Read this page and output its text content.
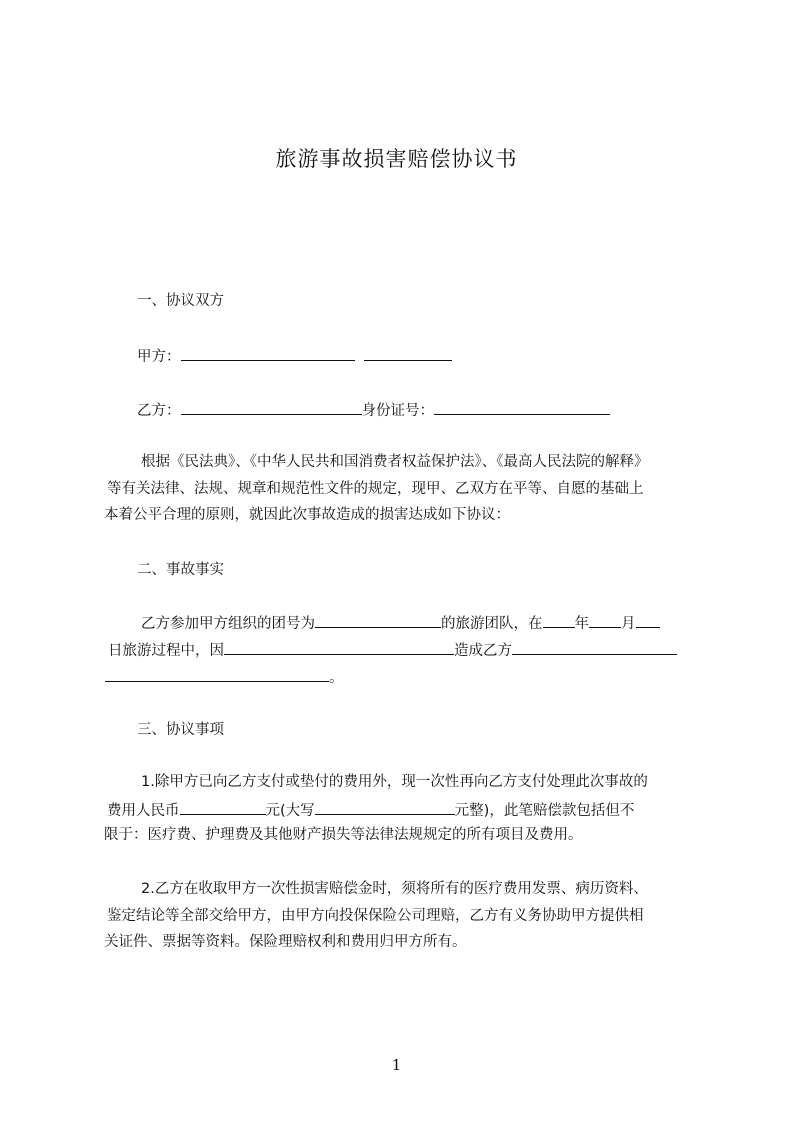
旅游事故损害赔偿协议书
一、协议双方
甲方：
乙方：	身份证号：
根据《民法典》、《中华人民共和国消费者权益保护法》、《最高人民法院的解释》
等有关法律、法规、规章和规范性文件的规定，现甲、乙双方在平等、自愿的基础上
本着公平合理的原则，就因此次事故造成的损害达成如下协议：
二、事故事实
乙方参加甲方组织的团号为	的旅游团队，在 年 月
日旅游过程中，因	造成乙方
。
三、协议事项
1.除甲方已向乙方支付或垫付的费用外，现一次性再向乙方支付处理此次事故的
费用人民币	元(大写	元整)，此笔赔偿款包括但不
限于：医疗费、护理费及其他财产损失等法律法规规定的所有项目及费用。
2.乙方在收取甲方一次性损害赔偿金时，须将所有的医疗费用发票、病历资料、
鉴定结论等全部交给甲方，由甲方向投保保险公司理赔，乙方有义务协助甲方提供相
关证件、票据等资料。保险理赔权利和费用归甲方所有。
1
